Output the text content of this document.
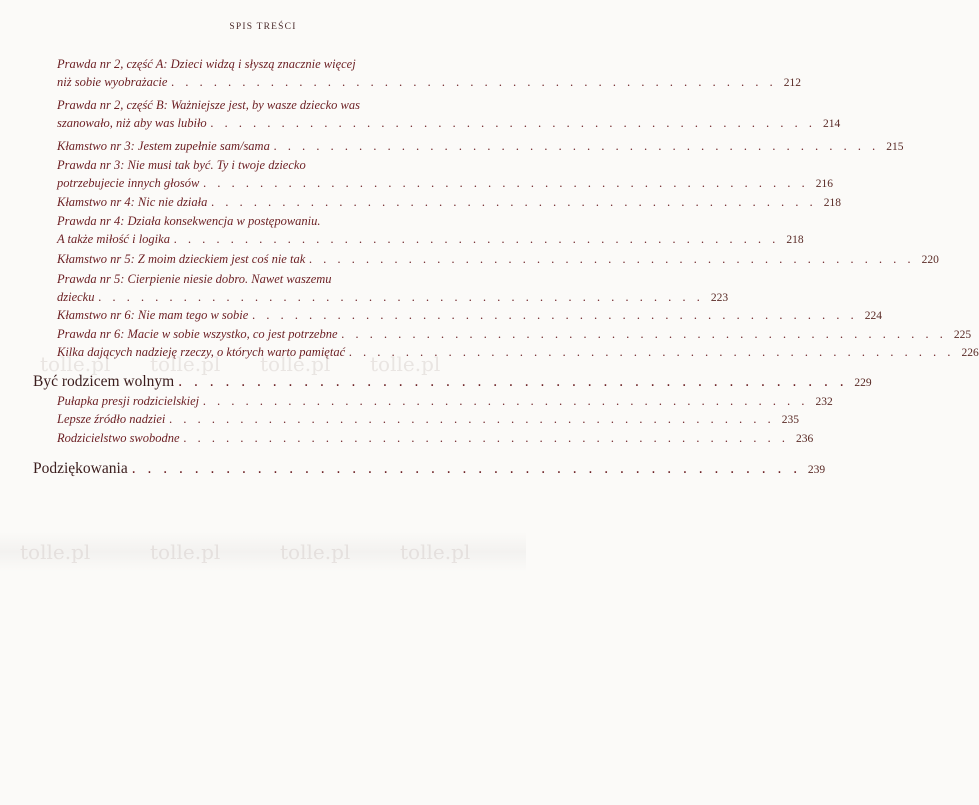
SPIS TREŚCI
Prawda nr 2, część A: Dzieci widzą i słyszą znacznie więcej
niż sobie wyobrażacie . . . . . . . . . . . . . . . . . . . . . . . . . . . . . . . . . . . . . . . . . . . 212
Prawda nr 2, część B: Ważniejsze jest, by wasze dziecko was
szanowało, niż aby was lubiło . . . . . . . . . . . . . . . . . . . . . . . . . . . . . . . . . . . . . . . . . . . 214
Kłamstwo nr 3: Jestem zupełnie sam/sama . . . . . . . . . . . . . . . . . . . . . . . . . . . . . . . . . . . . . . . . . . . 215
Prawda nr 3: Nie musi tak być. Ty i twoje dziecko
potrzebujecie innych głosów . . . . . . . . . . . . . . . . . . . . . . . . . . . . . . . . . . . . . . . . . . . 216
Kłamstwo nr 4: Nic nie działa . . . . . . . . . . . . . . . . . . . . . . . . . . . . . . . . . . . . . . . . . . . 218
Prawda nr 4: Działa konsekwencja w postępowaniu.
A także miłość i logika . . . . . . . . . . . . . . . . . . . . . . . . . . . . . . . . . . . . . . . . . . . 218
Kłamstwo nr 5: Z moim dzieckiem jest coś nie tak . . . . . . . . . . . . . . . . . . . . . . . . . . . . . . . . . . . . . . . . . . . 220
Prawda nr 5: Cierpienie niesie dobro. Nawet waszemu
dziecku . . . . . . . . . . . . . . . . . . . . . . . . . . . . . . . . . . . . . . . . . . . 223
Kłamstwo nr 6: Nie mam tego w sobie . . . . . . . . . . . . . . . . . . . . . . . . . . . . . . . . . . . . . . . . . . . 224
Prawda nr 6: Macie w sobie wszystko, co jest potrzebne . . . . . . . . . . . . . . . . . . . . . . . . . . . . . . . . . . . . . . . . . . . 225
Kilka dających nadzieję rzeczy, o których warto pamiętać . . . . . . . . . . . . . . . . . . . . . . . . . . . . . . . . . . . . . . . . . . . 226
tolle.pl tolle.pl tolle.pl tolle.pl
Być rodzicem wolnym . . . . . . . . . . . . . . . . . . . . . . . . . . . . . . . . . . . . . . . . . . . 229
Pułapka presji rodzicielskiej . . . . . . . . . . . . . . . . . . . . . . . . . . . . . . . . . . . . . . . . . . . 232
Lepsze źródło nadziei . . . . . . . . . . . . . . . . . . . . . . . . . . . . . . . . . . . . . . . . . . . 235
Rodzicielstwo swobodne . . . . . . . . . . . . . . . . . . . . . . . . . . . . . . . . . . . . . . . . . . . 236
Podziękowania . . . . . . . . . . . . . . . . . . . . . . . . . . . . . . . . . . . . . . . . . . . 239
tolle.pl	tolle.pl	tolle.pl tolle.pl
